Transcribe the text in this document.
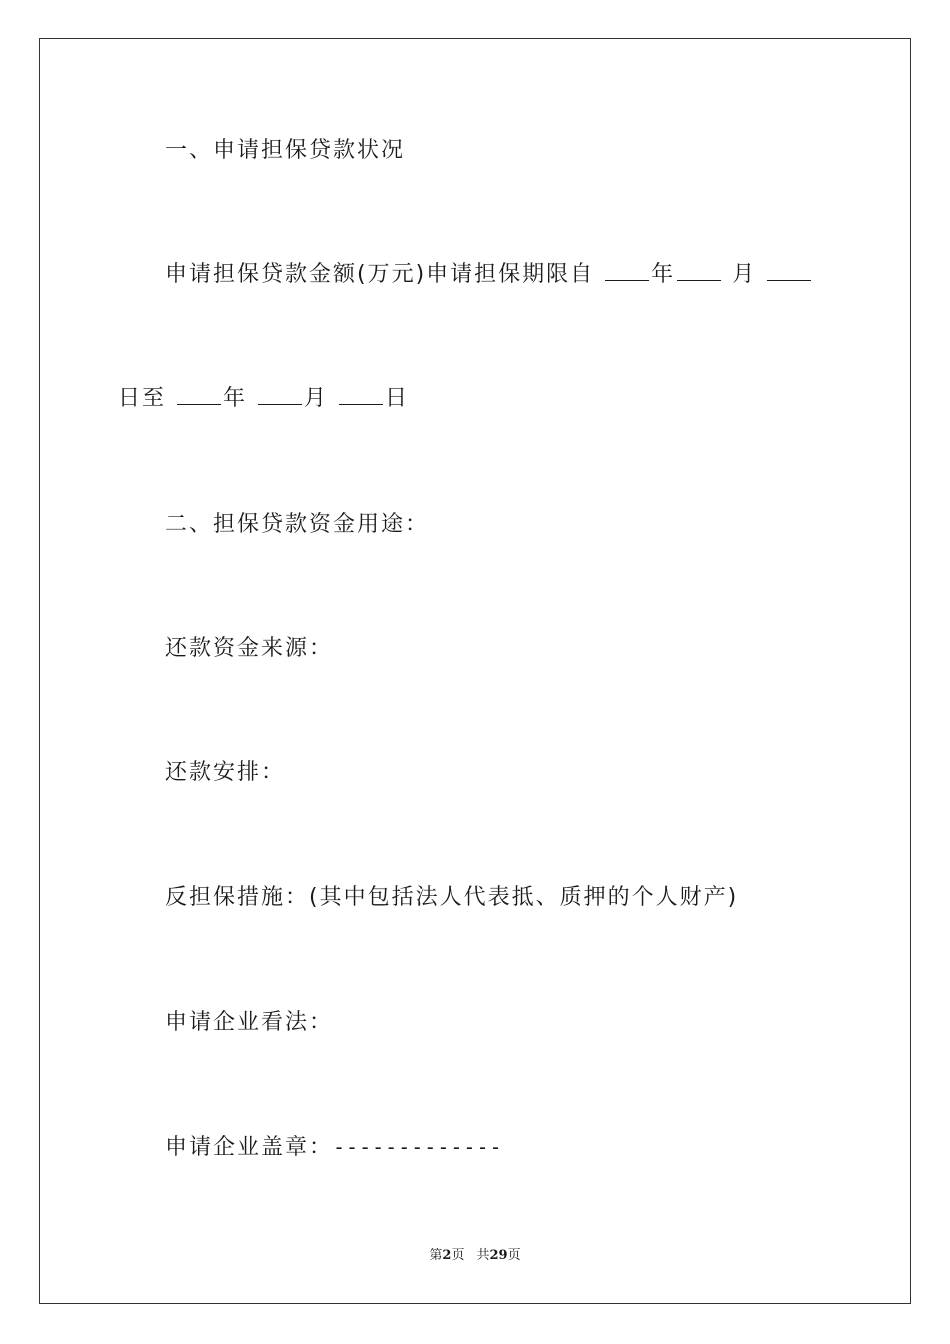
一、申请担保贷款状况
申请担保贷款金额(万元)申请担保期限自	年	月
日至	年	月	日
二、担保贷款资金用途：
还款资金来源：
还款安排：
反担保措施：(其中包括法人代表抵、质押的个人财产)
申请企业看法：
申请企业盖章：-------------
第2页 共29页
